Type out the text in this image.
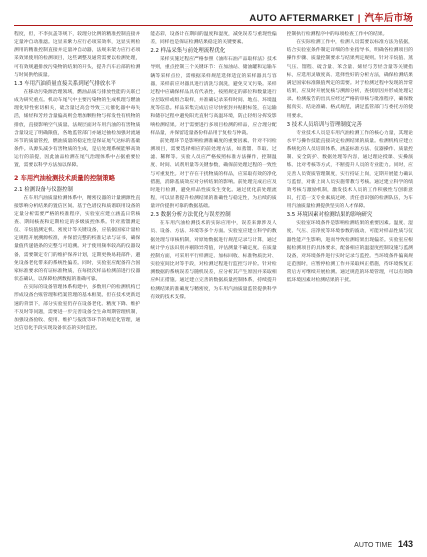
AUTO AFTERMARKET | 汽车后市场

程度，但，不李抗盖等规下，较理分比例的精准控制直接并定量冲自动准滤。这显来紫力应行必项采效率，这显实则检测用的精准控制直接并定量冲自动器，法规来架力应行必项采效果使用的检测项目，这些调整及通常需要以检测处理，可有效规避排放污染物的结果的开头，提升汽车后部的检测与时间供给质量。

1.3 车用汽油质量直接关系到尾气排放水平

在移动污染源治理领域，燃油品质与排放性能的关联已成为研究重点。机动车尾气中主要污染物的生成机理与燃油理化特性密切相关，硫含量过高会导致三元催化器中毒失活，烯烃和芳烃含量偏高则会增加颗粒物与挥发性有机物的排放，直接影响空气质量。法规层面对车用汽油的有害物质含量设定了明确限值，各地监管部门亦通过抽检加强对流通环节的质量管控，燃油质量的稳定性是保证尾气达标的基础条件。从源头减少有害物质的生成，是后处理系统能够高效运行的前提，因此油品检测在尾气治理体系中占据重要位置，需要以科学方法加以保障。

2 车用汽油检测技术质量的控制策略
2.1 检测设备与仪器控制

在车用汽油质量检测体系中，精密仪器的计量溯源性直接影响分析结果的置信区间。基于色谱仪和质谱联用设备的定量分析需要严格的校准程序，实验室应建立涵盖日常核查、期间核查和定期检定的多级质控体系。针对蒸馏测定仪、辛烷值测定机、密度计等关键设备，应依据国家计量检定规程开展溯源校准，并保留完整的校准记录与证书，确保量值传递链条的完整与可追溯。对于使用频率较高的仪器设备，需要制定专门的维护保养计划，定期更换易耗部件，避免设备老化带来的系统性偏差。同时，实验室应配备符合国家标准要求的有证标准物质，在每批次样品检测前进行仪器状态确认，以保障检测数据的准确可靠。

在实际的设备管理体系构建中，多数用户的检测机构已形成设备台账管理和档案管理的基本框架。但在技术更新迅速的背景下，部分实验室仍存在设备老化、精度下降、维护不及时等问题，需要进一步完善设备全生命周期管理机制，加强设备验收、使用、维护与报废等环节的规范化管理，通过信息化手段实现设备状态的实时监控。

能态彩，设备计在期间的温度和湿度，减免误差与重现性偏差，同样也是保证检测结果稳定的关键要素。

2.2 样品采集与前处理流程优化

采样实施过程应严格参照《油库石油产品取样法》技术导则，重点控制三个关键环节：在加油站、储油罐和运输车辆等采样点位，需根据采样规范选择适宜的采样器具与容器，采样前应对器具进行清洗与润洗，避免交叉污染。采样过程中应确保样品具有代表性，按照规定的部位和数量进行分层取样或组合取样，并准确记录采样时间、地点、环境温度等信息。样品采集完成后应尽快密封并贴附标签，在运输和储存过程中避免阳光直射与高温环境，防止轻组分挥发影响检测结果。对于需要进行多项目检测的样品，应合理分配样品量，并保留适量备份样品用于复检与仲裁。

前处理环节是影响检测准确度的重要因素。针对不同检测项目，需要选择相应的前处理方法，如蒸馏、萃取、过滤、稀释等。实验人员应严格按照标准方法操作，控制温度、时间、试剂用量等关键参数，确保前处理过程的一致性与可重复性。对于存在干扰物质的样品，应采取有效的净化措施，消除基质效应对分析结果的影响。前处理完成后应及时进行检测，避免样品性质发生变化。通过优化前处理流程，可以显著提升检测结果的准确性与稳定性，为后续的质量评价提供可靠的数据基础。

2.3 数据分析方法优化与误差控制

在车用汽油检测技术的实际应用中，误差来源涉及人员、设备、方法、环境等多个方面。实验室应建立科学的数据处理与审核机制，对原始数据进行规范记录与计算，通过统计学方法识别并剔除异常值，评估测量不确定度。在质量控制方面，可采用平行样测定、加标回收、标准物质比对、实验室间比对等手段，对检测过程进行监控与评价。针对检测数据的系统误差与随机误差，应分析其产生原因并采取相应纠正措施。通过建立完善的数据质量控制体系，持续提升检测结果的准确度与精密度，为车用汽油质量监管提供科学有效的技术支撑。

控制执行检测程序中的每项检查工作中的结果。

在实际检测工作中，检测人员需要以标准方法为依据，结合实验室条件制定详细的作业指导书，明确各检测项目的操作步骤、质量控制要求与结果判定规则。针对辛烷值、蒸气压、馏程、硫含量、苯含量、烯烃与芳烃含量等关键指标，应选用灵敏度高、选择性好的分析方法，确保检测结果满足国家标准限值判定的需要。对于检测过程中发现的异常结果，应及时开展复核与溯源分析，查找原因并形成处理记录。检测报告的出具应经过严格的审核与批准程序，确保数据真实、结论准确、格式规范，满足监管部门与委托方的使用要求。

3 技术人员培训与管理制度完善

专业技术人员是车用汽油检测工作的核心力量，其理论水平与操作技能直接决定检测结果的质量。检测机构应建立系统化的人员培训体系，涵盖标准方法、仪器操作、质量控制、安全防护、数据处理等内容，通过理论授课、实操演练、比对考核等方式，不断提升人员的专业能力。同时，应完善人员资质管理制度，实行持证上岗，定期开展能力确认与监督，对新上岗人员实施带教与考核。通过建立科学的绩效考核与激励机制，激发技术人员的工作积极性与创新意识，打造一支专业素质过硬、责任意识强的检测队伍，为车用汽油质量检测提供坚实的人才保障。

3.5 环境因素对检测结果的影响研究

实验室环境条件是影响检测结果的重要因素。温度、湿度、气压、洁净度等环境参数的波动，可能对样品性质与仪器性能产生影响，进而导致检测结果出现偏差。实验室应根据检测项目的具体要求，配备相应的温湿度控制设施与监测设备，对环境条件进行实时记录与监控。当环境条件偏离规定范围时，应暂停检测工作并采取纠正措施，待环境恢复正常后方可继续开展检测。通过规范的环境管理，可以有效降低环境因素对检测结果的干扰。

AUTO TIME 143
